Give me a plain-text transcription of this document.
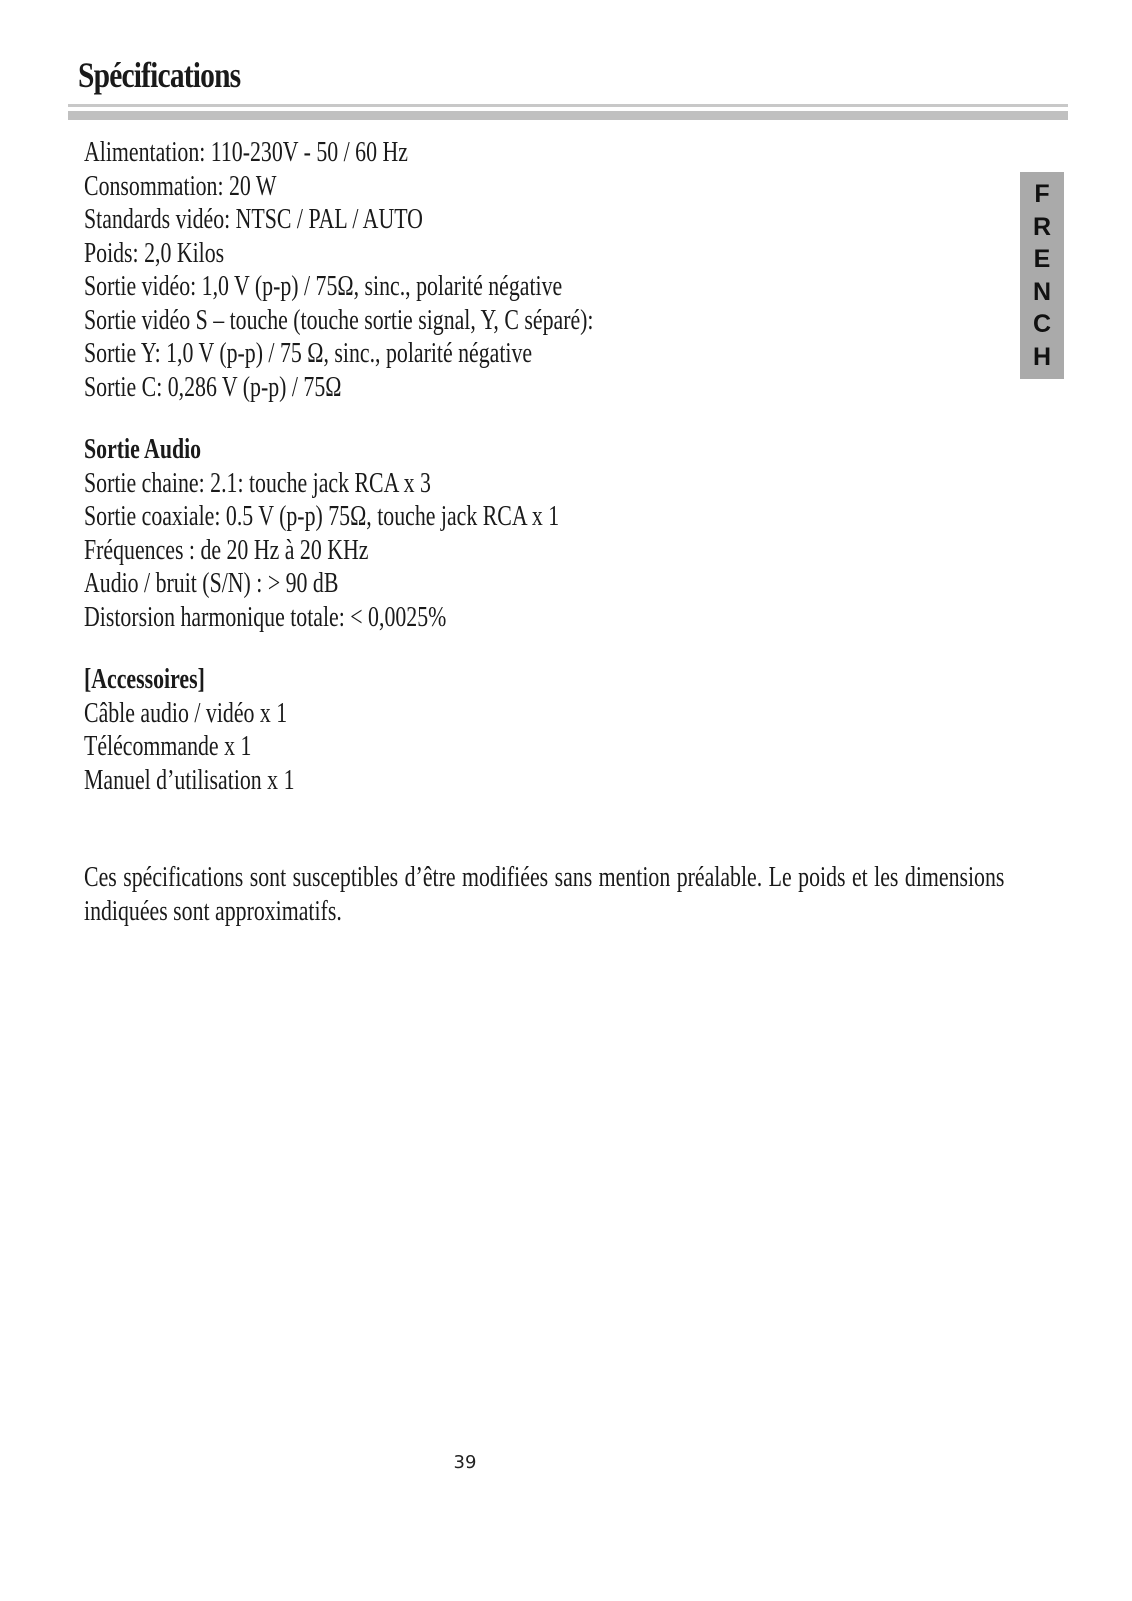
Spécifications
F
R
E
N
C
H
Alimentation: 110-230V - 50 / 60 Hz
Consommation: 20 W
Standards vidéo: NTSC / PAL / AUTO
Poids: 2,0 Kilos
Sortie vidéo: 1,0 V (p-p) / 75Ω, sinc., polarité négative
Sortie vidéo S – touche (touche sortie signal, Y, C séparé):
Sortie Y: 1,0 V (p-p) / 75 Ω, sinc., polarité négative
Sortie C: 0,286 V (p-p) / 75Ω
Sortie Audio
Sortie chaine: 2.1: touche jack RCA x 3
Sortie coaxiale: 0.5 V (p-p) 75Ω, touche jack RCA x 1
Fréquences : de 20 Hz à 20 KHz
Audio / bruit (S/N) : > 90 dB
Distorsion harmonique totale: < 0,0025%
[Accessoires]
Câble audio / vidéo x 1
Télécommande x 1
Manuel d’utilisation x 1
Ces spécifications sont susceptibles d’être modifiées sans mention préalable. Le poids et les dimensions indiquées sont approximatifs.
39
